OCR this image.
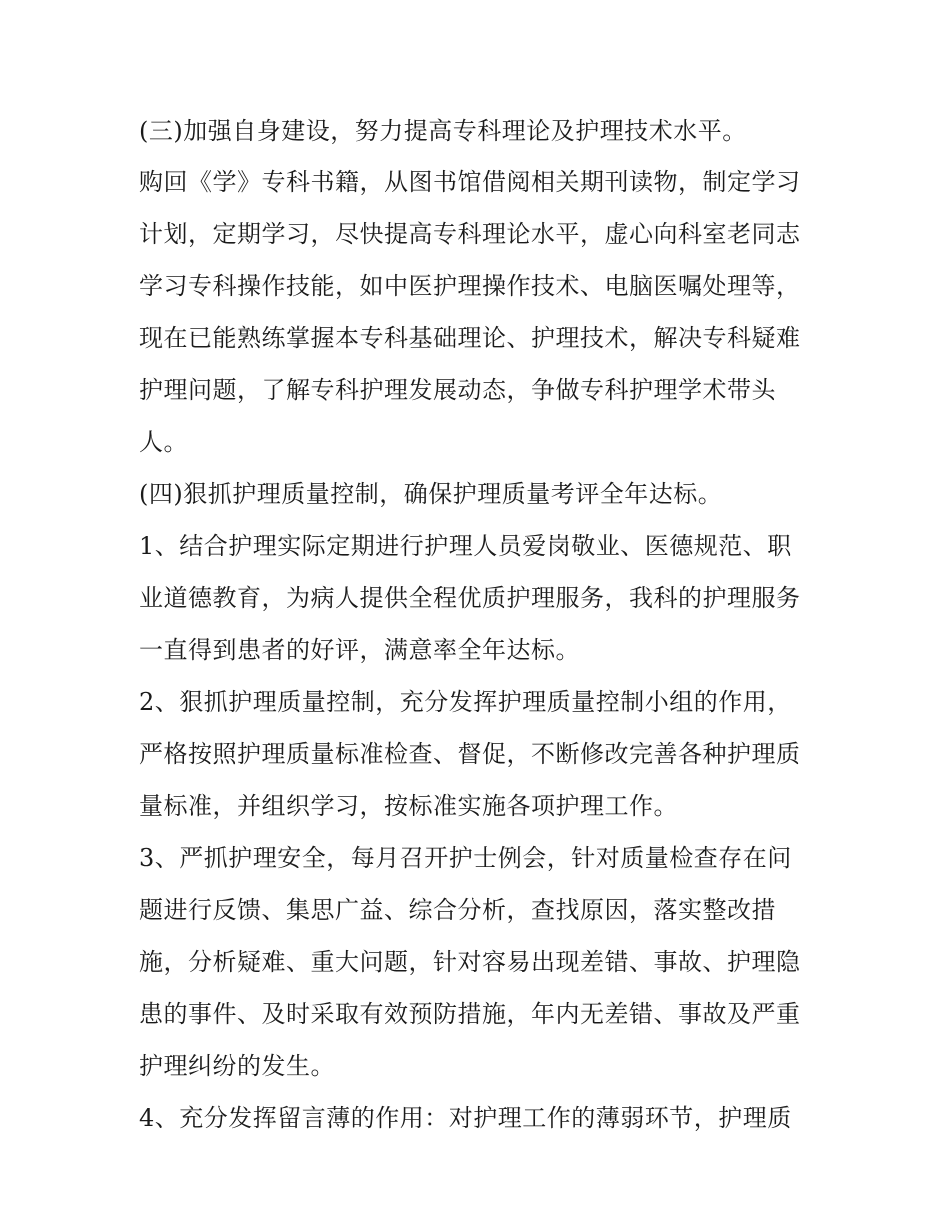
(三)加强自身建设，努力提高专科理论及护理技术水平。
购回《学》专科书籍，从图书馆借阅相关期刊读物，制定学习
计划，定期学习，尽快提高专科理论水平，虚心向科室老同志
学习专科操作技能，如中医护理操作技术、电脑医嘱处理等，
现在已能熟练掌握本专科基础理论、护理技术，解决专科疑难
护理问题，了解专科护理发展动态，争做专科护理学术带头
人。
(四)狠抓护理质量控制，确保护理质量考评全年达标。
1、结合护理实际定期进行护理人员爱岗敬业、医德规范、职
业道德教育，为病人提供全程优质护理服务，我科的护理服务
一直得到患者的好评，满意率全年达标。
2、狠抓护理质量控制，充分发挥护理质量控制小组的作用，
严格按照护理质量标准检查、督促，不断修改完善各种护理质
量标准，并组织学习，按标准实施各项护理工作。
3、严抓护理安全，每月召开护士例会，针对质量检查存在问
题进行反馈、集思广益、综合分析，查找原因，落实整改措
施，分析疑难、重大问题，针对容易出现差错、事故、护理隐
患的事件、及时采取有效预防措施，年内无差错、事故及严重
护理纠纷的发生。
4、充分发挥留言薄的作用：对护理工作的薄弱环节，护理质
